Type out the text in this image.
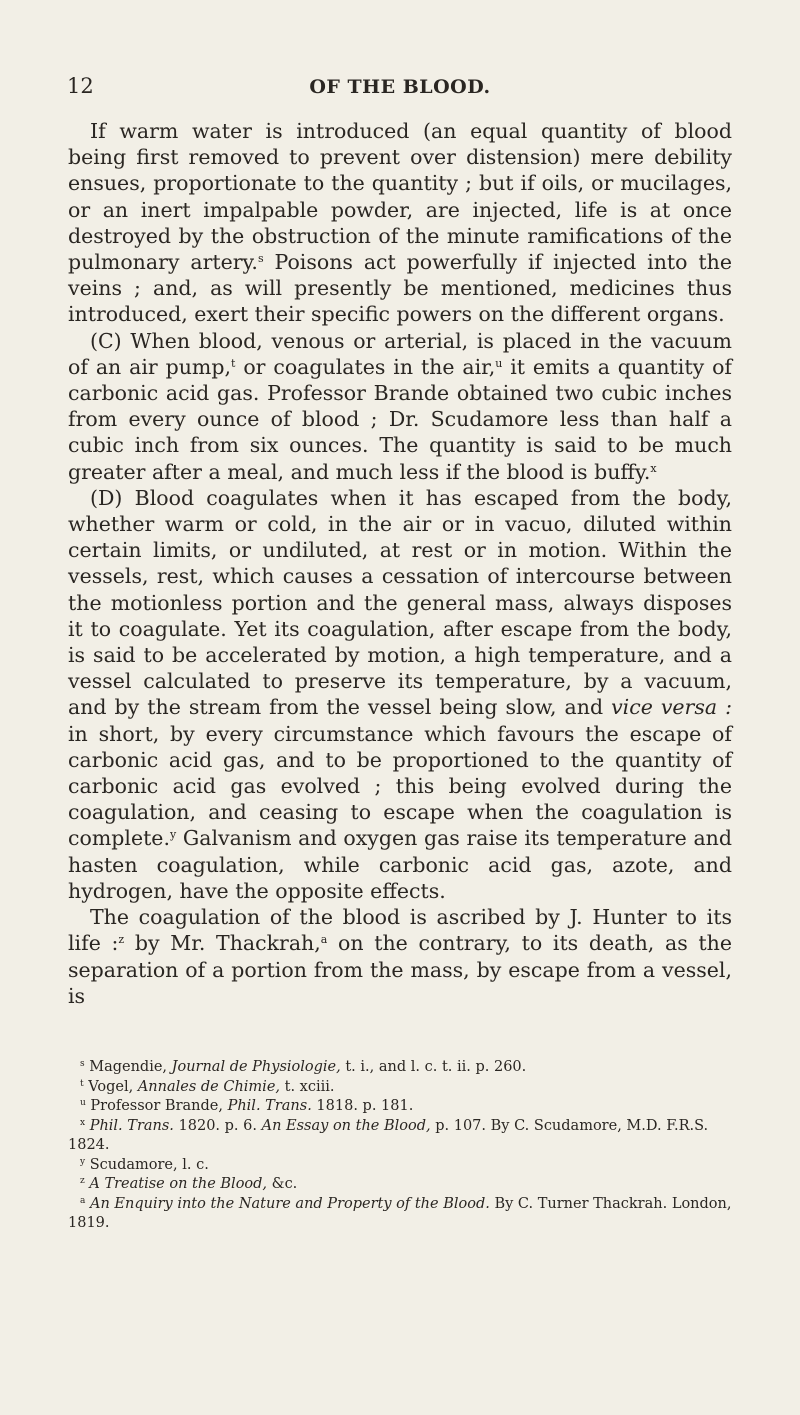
12	OF THE BLOOD.

If warm water is introduced (an equal quantity of blood being first removed to prevent over distension) mere debility ensues, proportionate to the quantity ; but if oils, or mucilages, or an inert impalpable powder, are injected, life is at once destroyed by the obstruction of the minute ramifications of the pulmonary artery.$^s$ Poisons act powerfully if injected into the veins ; and, as will presently be mentioned, medicines thus introduced, exert their specific powers on the different organs.

(C) When blood, venous or arterial, is placed in the vacuum of an air pump,$^t$ or coagulates in the air,$^u$ it emits a quantity of carbonic acid gas. Professor Brande obtained two cubic inches from every ounce of blood ; Dr. Scudamore less than half a cubic inch from six ounces. The quantity is said to be much greater after a meal, and much less if the blood is buffy.$^x$

(D) Blood coagulates when it has escaped from the body, whether warm or cold, in the air or in vacuo, diluted within certain limits, or undiluted, at rest or in motion. Within the vessels, rest, which causes a cessation of intercourse between the motionless portion and the general mass, always disposes it to coagulate. Yet its coagulation, after escape from the body, is said to be accelerated by motion, a high temperature, and a vessel calculated to preserve its temperature, by a vacuum, and by the stream from the vessel being slow, and vice versa : in short, by every circumstance which favours the escape of carbonic acid gas, and to be proportioned to the quantity of carbonic acid gas evolved ; this being evolved during the coagulation, and ceasing to escape when the coagulation is complete.$^y$ Galvanism and oxygen gas raise its temperature and hasten coagulation, while carbonic acid gas, azote, and hydrogen, have the opposite effects.

The coagulation of the blood is ascribed by J. Hunter to its life :$^z$ by Mr. Thackrah,$^a$ on the contrary, to its death, as the separation of a portion from the mass, by escape from a vessel, is

$^s$ Magendie, Journal de Physiologie, t. i., and l. c. t. ii. p. 260.

$^t$ Vogel, Annales de Chimie, t. xciii.

$^u$ Professor Brande, Phil. Trans. 1818. p. 181.

$^x$ Phil. Trans. 1820. p. 6. An Essay on the Blood, p. 107. By C. Scudamore, M.D. F.R.S. 1824.

$^y$ Scudamore, l. c.

$^z$ A Treatise on the Blood, &c.

$^a$ An Enquiry into the Nature and Property of the Blood. By C. Turner Thackrah. London, 1819.
